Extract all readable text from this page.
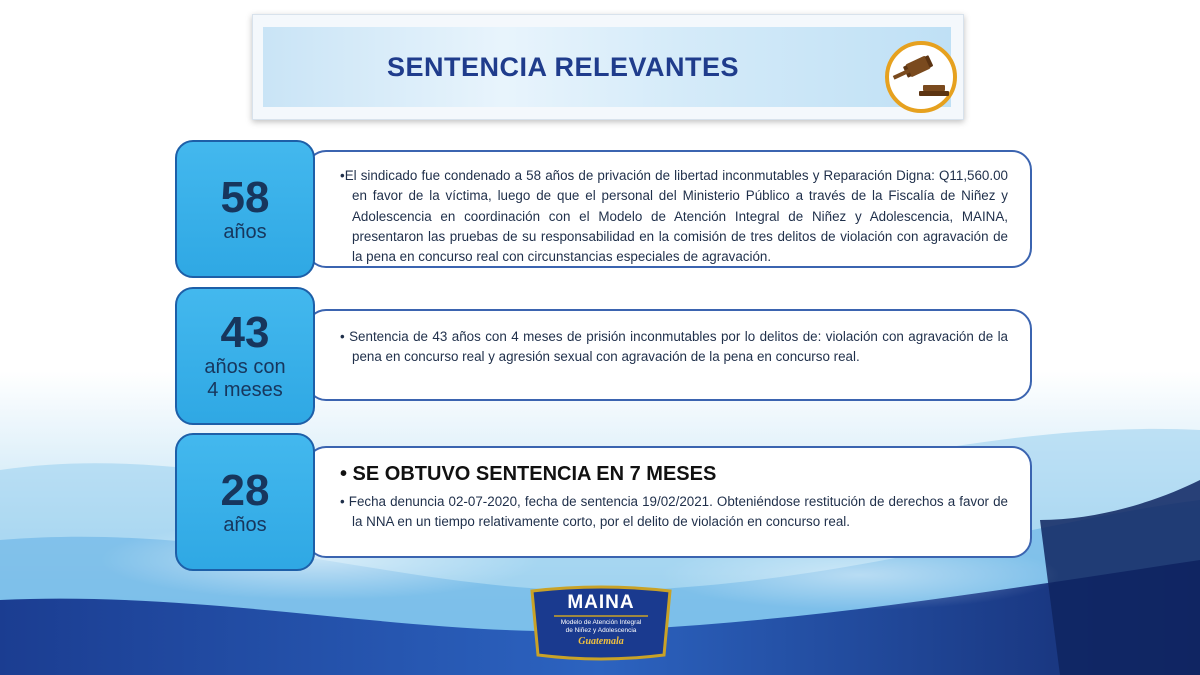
SENTENCIA RELEVANTES
•El sindicado fue condenado a 58 años de privación de libertad inconmutables y Reparación Digna: Q11,560.00 en favor de la víctima, luego de que el personal del Ministerio Público a través de la Fiscalía de Niñez y Adolescencia en coordinación con el Modelo de Atención Integral de Niñez y Adolescencia, MAINA, presentaron las pruebas de su responsabilidad en la comisión de tres delitos de violación con agravación de la pena en concurso real con circunstancias especiales de agravación.
58
años
• Sentencia de 43 años con 4 meses de prisión inconmutables por lo delitos de: violación con agravación de la pena en concurso real y agresión sexual con agravación de la pena en concurso real.
43
años con
4 meses
• SE OBTUVO SENTENCIA EN 7 MESES
• Fecha denuncia 02-07-2020, fecha de sentencia 19/02/2021. Obteniéndose restitución de derechos a favor de la NNA en un tiempo relativamente corto, por el delito de violación en concurso real.
28
años
MAINA
Modelo de Atención Integral
de Niñez y Adolescencia
Guatemala
